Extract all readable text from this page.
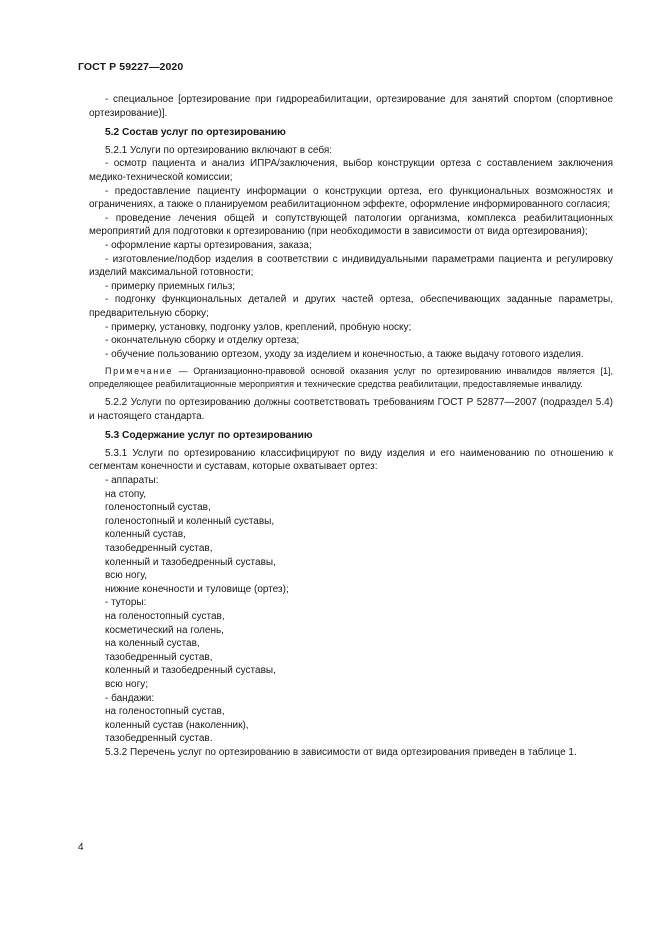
ГОСТ Р 59227—2020

- специальное [ортезирование при гидрореабилитации, ортезирование для занятий спортом (спортивное ортезирование)].

5.2 Состав услуг по ортезированию

5.2.1 Услуги по ортезированию включают в себя:

- осмотр пациента и анализ ИПРА/заключения, выбор конструкции ортеза с составлением заключения медико-технической комиссии;

- предоставление пациенту информации о конструкции ортеза, его функциональных возможностях и ограничениях, а также о планируемом реабилитационном эффекте, оформление информированного согласия;

- проведение лечения общей и сопутствующей патологии организма, комплекса реабилитационных мероприятий для подготовки к ортезированию (при необходимости в зависимости от вида ортезирования);

- оформление карты ортезирования, заказа;

- изготовление/подбор изделия в соответствии с индивидуальными параметрами пациента и регулировку изделий максимальной готовности;

- примерку приемных гильз;

- подгонку функциональных деталей и других частей ортеза, обеспечивающих заданные параметры, предварительную сборку;

- примерку, установку, подгонку узлов, креплений, пробную носку;

- окончательную сборку и отделку ортеза;

- обучение пользованию ортезом, уходу за изделием и конечностью, а также выдачу готового изделия.

Примечание — Организационно-правовой основой оказания услуг по ортезированию инвалидов является [1], определяющее реабилитационные мероприятия и технические средства реабилитации, предоставляемые инвалиду.

5.2.2 Услуги по ортезированию должны соответствовать требованиям ГОСТ Р 52877—2007 (подраздел 5.4) и настоящего стандарта.

5.3 Содержание услуг по ортезированию

5.3.1 Услуги по ортезированию классифицируют по виду изделия и его наименованию по отношению к сегментам конечности и суставам, которые охватывает ортез:

- аппараты:

на стопу,

голеностопный сустав,

голеностопный и коленный суставы,

коленный сустав,

тазобедренный сустав,

коленный и тазобедренный суставы,

всю ногу,

нижние конечности и туловище (ортез);

- туторы:

на голеностопный сустав,

косметический на голень,

на коленный сустав,

тазобедренный сустав,

коленный и тазобедренный суставы,

всю ногу;

- бандажи:

на голеностопный сустав,

коленный сустав (наколенник),

тазобедренный сустав.

5.3.2 Перечень услуг по ортезированию в зависимости от вида ортезирования приведен в таблице 1.

4
